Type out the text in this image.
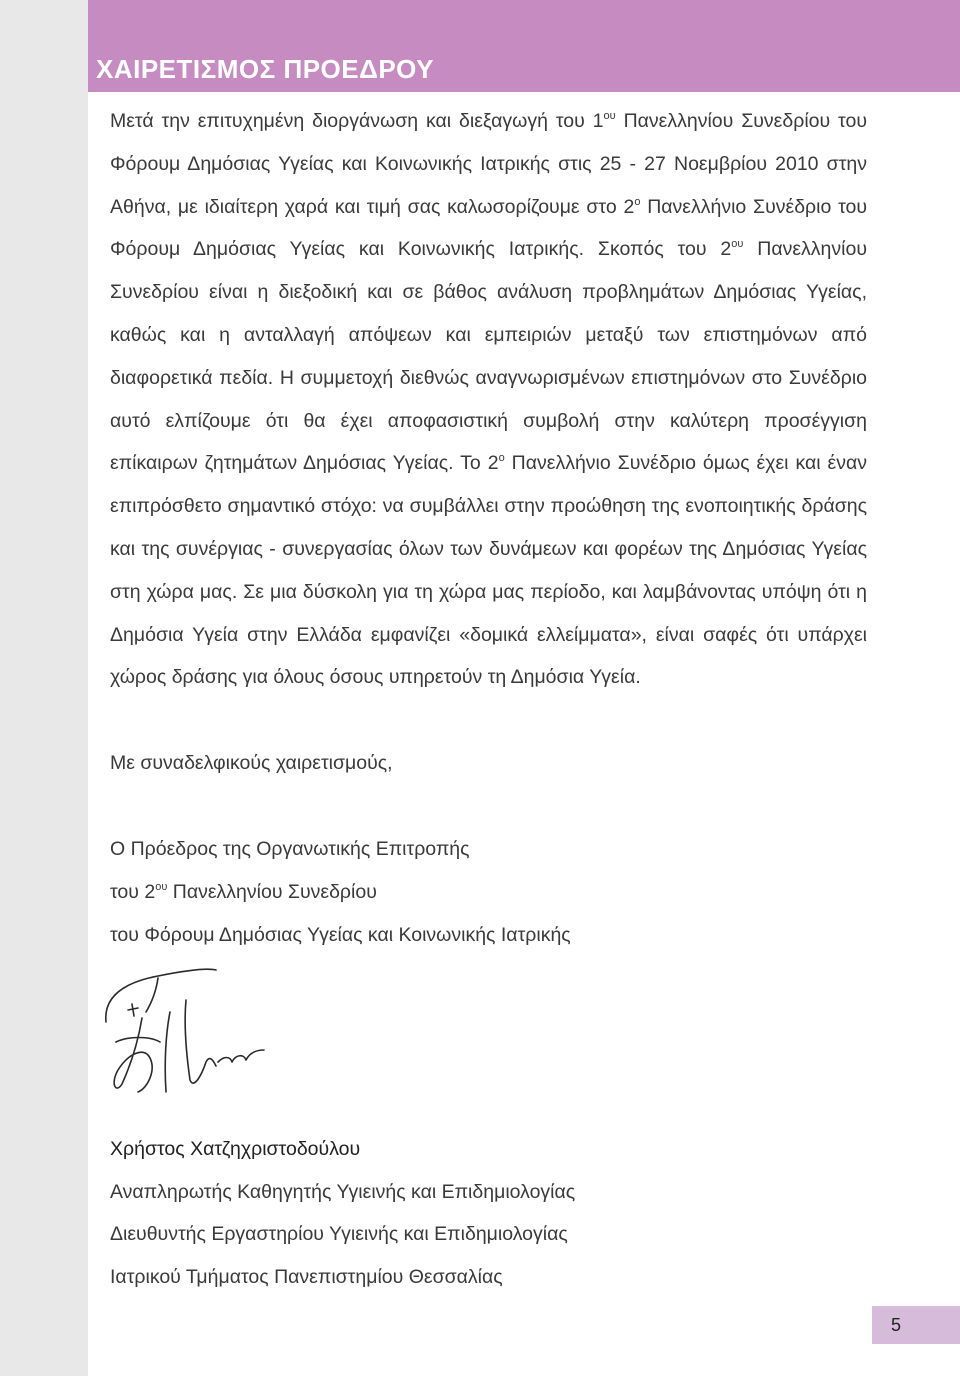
ΧΑΙΡΕΤΙΣΜΟΣ ΠΡΟΕΔΡΟΥ

Μετά την επιτυχημένη διοργάνωση και διεξαγωγή του $1^{o\upsilon}$ Πανελληνίου Συνεδρίου του Φόρουμ Δημόσιας Υγείας και Κοινωνικής Ιατρικής στις 25 - 27 Νοεμβρίου 2010 στην Αθήνα, με ιδιαίτερη χαρά και τιμή σας καλωσορίζουμε στο $2^o$ Πανελλήνιο Συνέδριο του Φόρουμ Δημόσιας Υγείας και Κοινωνικής Ιατρικής. Σκοπός του $2^{o\upsilon}$ Πανελληνίου Συνεδρίου είναι η διεξοδική και σε βάθος ανάλυση προβλημάτων Δημόσιας Υγείας, καθώς και η ανταλλαγή απόψεων και εμπειριών μεταξύ των επιστημόνων από διαφορετικά πεδία. Η συμμετοχή διεθνώς αναγνωρισμένων επιστημόνων στο Συνέδριο αυτό ελπίζουμε ότι θα έχει αποφασιστική συμβολή στην καλύτερη προσέγγιση επίκαιρων ζητημάτων Δημόσιας Υγείας. Το $2^o$ Πανελλήνιο Συνέδριο όμως έχει και έναν επιπρόσθετο σημαντικό στόχο: να συμβάλλει στην προώθηση της ενοποιητικής δράσης και της συνέργιας - συνεργασίας όλων των δυνάμεων και φορέων της Δημόσιας Υγείας στη χώρα μας. Σε μια δύσκολη για τη χώρα μας περίοδο, και λαμβάνοντας υπόψη ότι η Δημόσια Υγεία στην Ελλάδα εμφανίζει «δομικά ελλείμματα», είναι σαφές ότι υπάρχει χώρος δράσης για όλους όσους υπηρετούν τη Δημόσια Υγεία.

Με συναδελφικούς χαιρετισμούς,
Ο Πρόεδρος της Οργανωτικής Επιτροπής
του $2^{o\upsilon}$ Πανελληνίου Συνεδρίου
του Φόρουμ Δημόσιας Υγείας και Κοινωνικής Ιατρικής
Χρήστος Χατζηχριστοδούλου
Αναπληρωτής Καθηγητής Υγιεινής και Επιδημιολογίας
Διευθυντής Εργαστηρίου Υγιεινής και Επιδημιολογίας
Ιατρικού Τμήματος Πανεπιστημίου Θεσσαλίας
5
